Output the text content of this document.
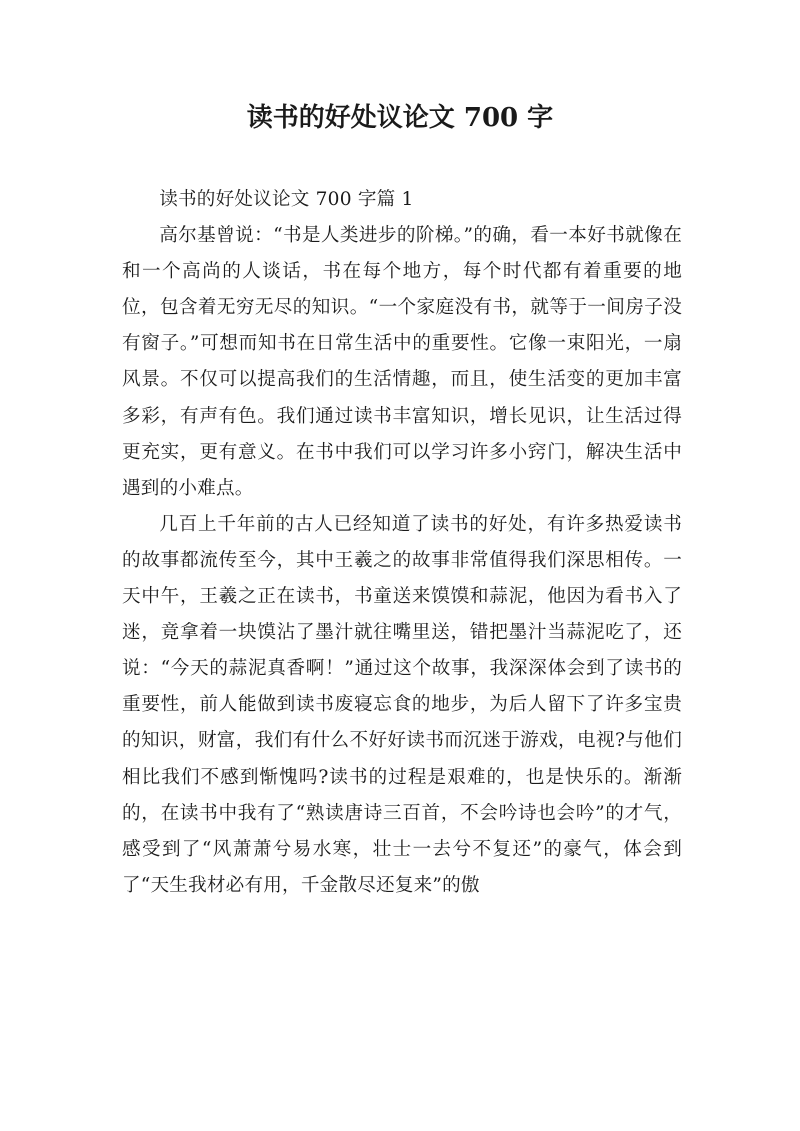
读书的好处议论文 700 字

读书的好处议论文 700 字篇 1

高尔基曾说：“书是人类进步的阶梯。”的确，看一本好书就像在和一个高尚的人谈话，书在每个地方，每个时代都有着重要的地位，包含着无穷无尽的知识。“一个家庭没有书，就等于一间房子没有窗子。”可想而知书在日常生活中的重要性。它像一束阳光，一扇风景。不仅可以提高我们的生活情趣，而且，使生活变的更加丰富多彩，有声有色。我们通过读书丰富知识，增长见识，让生活过得更充实，更有意义。在书中我们可以学习许多小窍门，解决生活中遇到的小难点。

几百上千年前的古人已经知道了读书的好处，有许多热爱读书的故事都流传至今，其中王羲之的故事非常值得我们深思相传。一天中午，王羲之正在读书，书童送来馍馍和蒜泥，他因为看书入了迷，竟拿着一块馍沾了墨汁就往嘴里送，错把墨汁当蒜泥吃了，还说：“今天的蒜泥真香啊！”通过这个故事，我深深体会到了读书的重要性，前人能做到读书废寝忘食的地步，为后人留下了许多宝贵的知识，财富，我们有什么不好好读书而沉迷于游戏，电视?与他们相比我们不感到惭愧吗?读书的过程是艰难的，也是快乐的。渐渐的，在读书中我有了“熟读唐诗三百首，不会吟诗也会吟”的才气，感受到了“风萧萧兮易水寒，壮士一去兮不复还”的豪气，体会到了“天生我材必有用，千金散尽还复来”的傲
